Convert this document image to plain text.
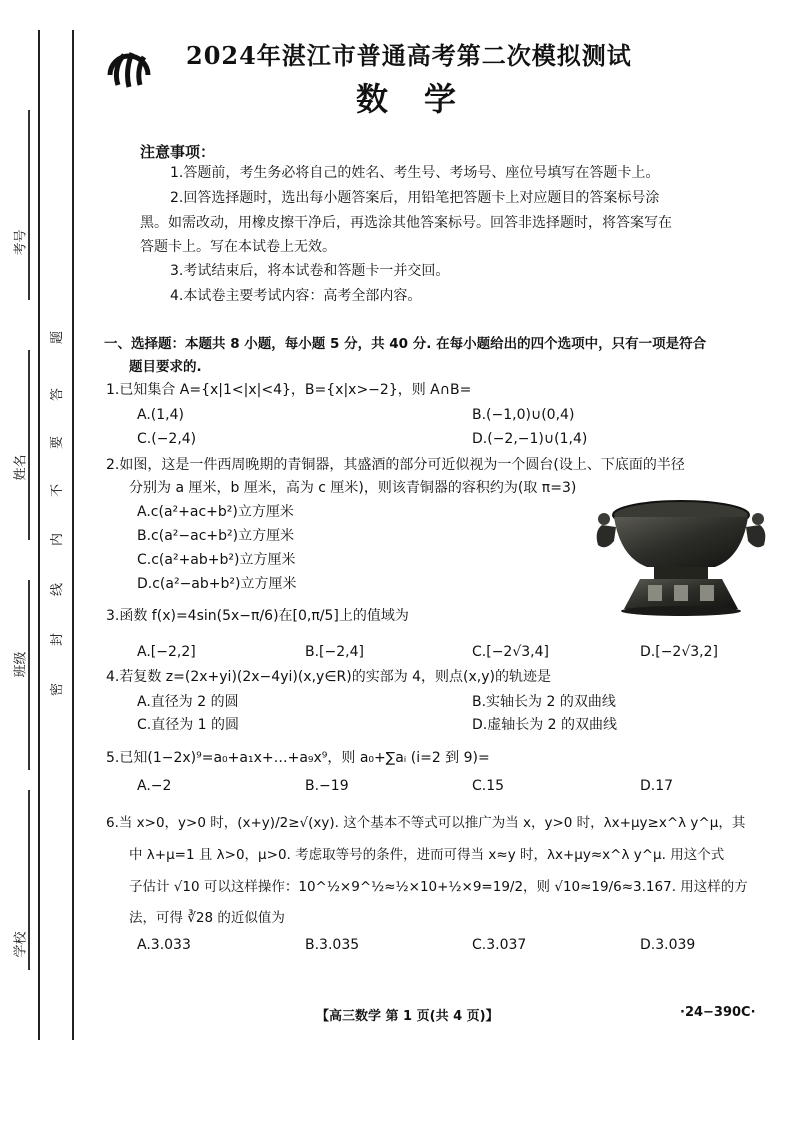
考号
姓名
班级
学校
题
答
要
不
内
线
封
密
2024年湛江市普通高考第二次模拟测试
数学
注意事项：
1.答题前，考生务必将自己的姓名、考生号、考场号、座位号填写在答题卡上。
2.回答选择题时，选出每小题答案后，用铅笔把答题卡上对应题目的答案标号涂
黑。如需改动，用橡皮擦干净后，再选涂其他答案标号。回答非选择题时，将答案写在
答题卡上。写在本试卷上无效。
3.考试结束后，将本试卷和答题卡一并交回。
4.本试卷主要考试内容：高考全部内容。
一、选择题：本题共 8 小题，每小题 5 分，共 40 分. 在每小题给出的四个选项中，只有一项是符合
题目要求的.
1.已知集合 A={x|1<|x|<4}，B={x|x>−2}，则 A∩B=
A.(1,4)	B.(−1,0)∪(0,4)
C.(−2,4)	D.(−2,−1)∪(1,4)
2.如图，这是一件西周晚期的青铜器，其盛酒的部分可近似视为一个圆台(设上、下底面的半径
分别为 a 厘米，b 厘米，高为 c 厘米)，则该青铜器的容积约为(取 π=3)
A.c(a²+ac+b²)立方厘米
B.c(a²−ac+b²)立方厘米
C.c(a²+ab+b²)立方厘米
D.c(a²−ab+b²)立方厘米
3.函数 f(x)=4sin(5x−π/6)在[0,π/5]上的值域为
A.[−2,2]	B.[−2,4]	C.[−2√3,4]	D.[−2√3,2]
4.若复数 z=(2x+yi)(2x−4yi)(x,y∈R)的实部为 4，则点(x,y)的轨迹是
A.直径为 2 的圆	B.实轴长为 2 的双曲线
C.直径为 1 的圆	D.虚轴长为 2 的双曲线
5.已知(1−2x)⁹=a₀+a₁x+…+a₉x⁹，则 a₀+∑aᵢ (i=2 到 9)=
A.−2	B.−19	C.15	D.17
6.当 x>0，y>0 时，(x+y)/2≥√(xy). 这个基本不等式可以推广为当 x，y>0 时，λx+μy≥x^λ y^μ，其
中 λ+μ=1 且 λ>0，μ>0. 考虑取等号的条件，进而可得当 x≈y 时，λx+μy≈x^λ y^μ. 用这个式
子估计 √10 可以这样操作：10^½×9^½≈½×10+½×9=19/2，则 √10≈19/6≈3.167. 用这样的方
法，可得 ∛28 的近似值为
A.3.033	B.3.035	C.3.037	D.3.039
【高三数学 第 1 页(共 4 页)】	·24−390C·
